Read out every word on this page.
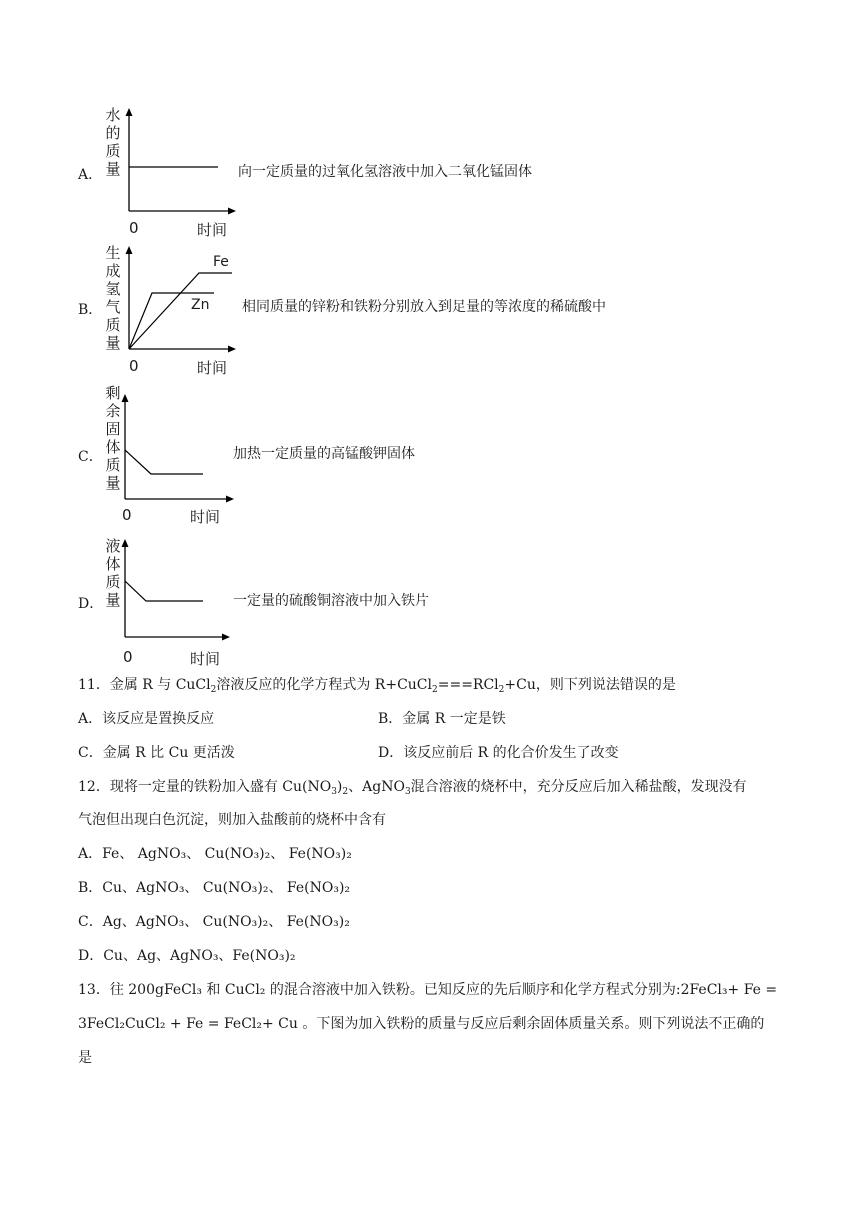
A．
水的质量
0	时间
向一定质量的过氧化氢溶液中加入二氧化锰固体
B．
生成氢气质量
Fe
Zn
0	时间
相同质量的锌粉和铁粉分别放入到足量的等浓度的稀硫酸中
C．
剩余固体质量
0	时间
加热一定质量的高锰酸钾固体
D．
液体质量
0	时间
一定量的硫酸铜溶液中加入铁片
11．金属 R 与 CuCl$_2$溶液反应的化学方程式为 R+CuCl$_2$===RCl$_2$+Cu，则下列说法错误的是
A．该反应是置换反应	B．金属 R 一定是铁
C．金属 R 比 Cu 更活泼	D．该反应前后 R 的化合价发生了改变
12．现将一定量的铁粉加入盛有 $Cu(NO_3)_2$、AgNO$_3$混合溶液的烧杯中，充分反应后加入稀盐酸，发现没有
气泡但出现白色沉淀，则加入盐酸前的烧杯中含有
A．Fe、 AgNO₃、 Cu(NO₃)₂、 Fe(NO₃)₂
B．Cu、AgNO₃、 Cu(NO₃)₂、 Fe(NO₃)₂
C．Ag、AgNO₃、 Cu(NO₃)₂、 Fe(NO₃)₂
D．Cu、Ag、AgNO₃、Fe(NO₃)₂
13．往 200gFeCl₃ 和 CuCl₂ 的混合溶液中加入铁粉。已知反应的先后顺序和化学方程式分别为:2FeCl₃+ Fe =
3FeCl₂CuCl₂ + Fe = FeCl₂+ Cu 。下图为加入铁粉的质量与反应后剩余固体质量关系。则下列说法不正确的
是
